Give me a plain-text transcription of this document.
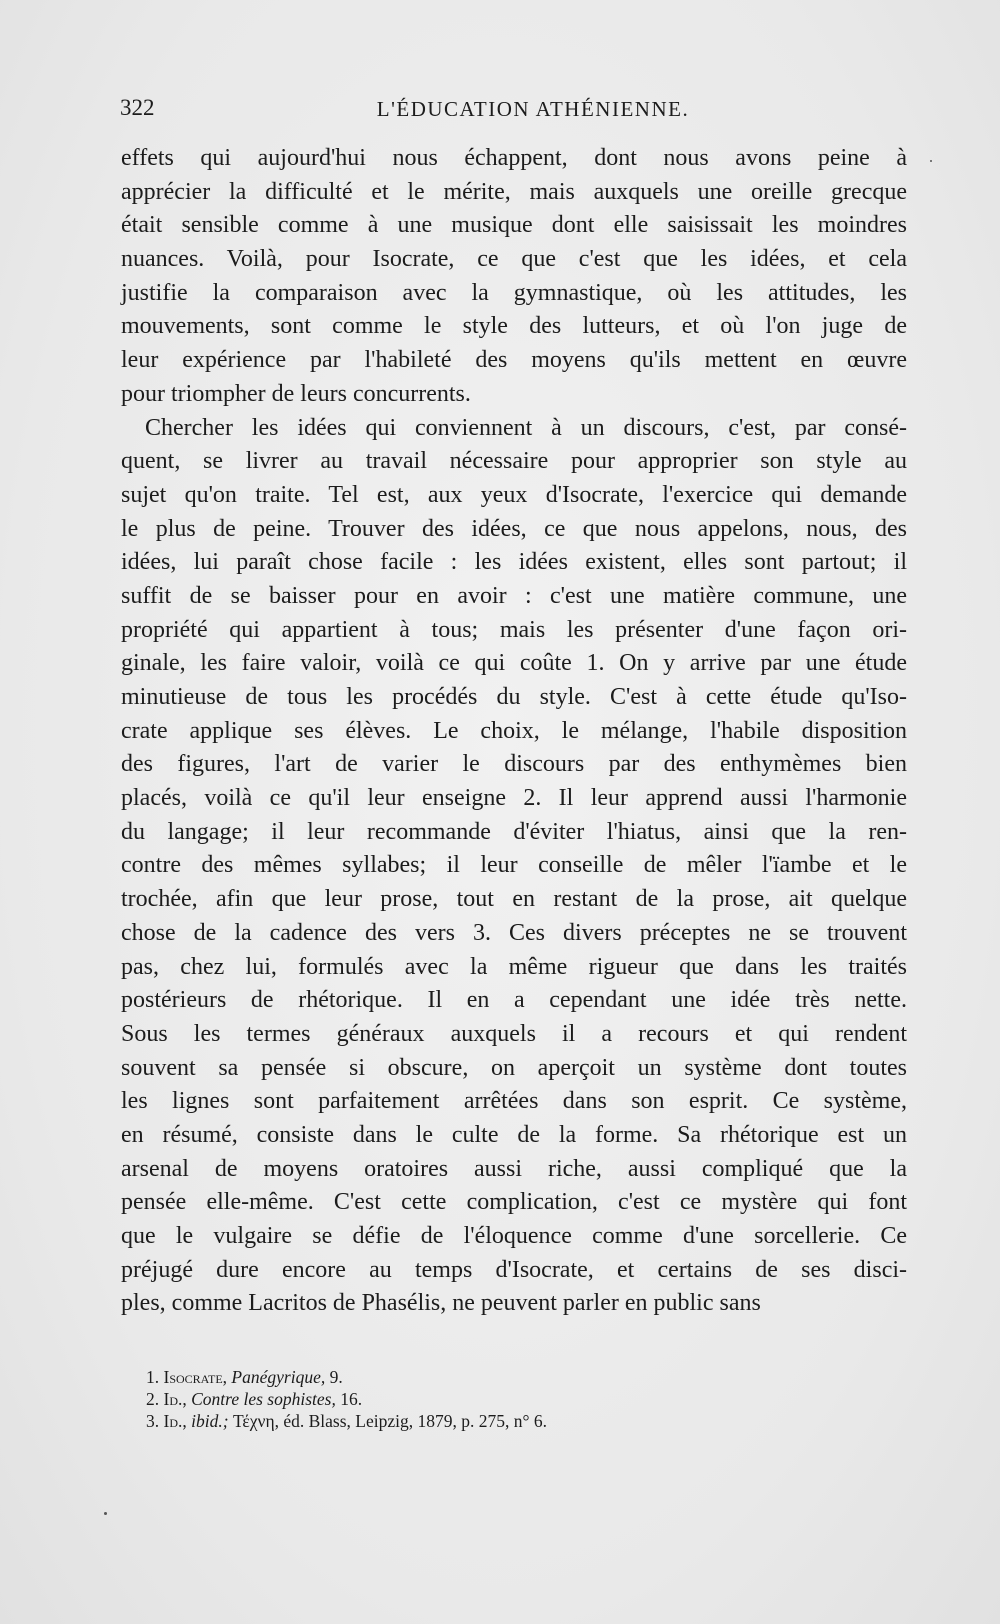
322	L'ÉDUCATION ATHÉNIENNE.
effets qui aujourd'hui nous échappent, dont nous avons peine à
apprécier la difficulté et le mérite, mais auxquels une oreille grecque
était sensible comme à une musique dont elle saisissait les moindres
nuances. Voilà, pour Isocrate, ce que c'est que les idées, et cela
justifie la comparaison avec la gymnastique, où les attitudes, les
mouvements, sont comme le style des lutteurs, et où l'on juge de
leur expérience par l'habileté des moyens qu'ils mettent en œuvre
pour triompher de leurs concurrents.
Chercher les idées qui conviennent à un discours, c'est, par consé-
quent, se livrer au travail nécessaire pour approprier son style au
sujet qu'on traite. Tel est, aux yeux d'Isocrate, l'exercice qui demande
le plus de peine. Trouver des idées, ce que nous appelons, nous, des
idées, lui paraît chose facile : les idées existent, elles sont partout; il
suffit de se baisser pour en avoir : c'est une matière commune, une
propriété qui appartient à tous; mais les présenter d'une façon ori-
ginale, les faire valoir, voilà ce qui coûte 1. On y arrive par une étude
minutieuse de tous les procédés du style. C'est à cette étude qu'Iso-
crate applique ses élèves. Le choix, le mélange, l'habile disposition
des figures, l'art de varier le discours par des enthymèmes bien
placés, voilà ce qu'il leur enseigne 2. Il leur apprend aussi l'harmonie
du langage; il leur recommande d'éviter l'hiatus, ainsi que la ren-
contre des mêmes syllabes; il leur conseille de mêler l'ïambe et le
trochée, afin que leur prose, tout en restant de la prose, ait quelque
chose de la cadence des vers 3. Ces divers préceptes ne se trouvent
pas, chez lui, formulés avec la même rigueur que dans les traités
postérieurs de rhétorique. Il en a cependant une idée très nette.
Sous les termes généraux auxquels il a recours et qui rendent
souvent sa pensée si obscure, on aperçoit un système dont toutes
les lignes sont parfaitement arrêtées dans son esprit. Ce système,
en résumé, consiste dans le culte de la forme. Sa rhétorique est un
arsenal de moyens oratoires aussi riche, aussi compliqué que la
pensée elle-même. C'est cette complication, c'est ce mystère qui font
que le vulgaire se défie de l'éloquence comme d'une sorcellerie. Ce
préjugé dure encore au temps d'Isocrate, et certains de ses disci-
ples, comme Lacritos de Phasélis, ne peuvent parler en public sans
1. Isocrate, Panégyrique, 9.
2. Id., Contre les sophistes, 16.
3. Id., ibid.; Τέχνη, éd. Blass, Leipzig, 1879, p. 275, n° 6.
